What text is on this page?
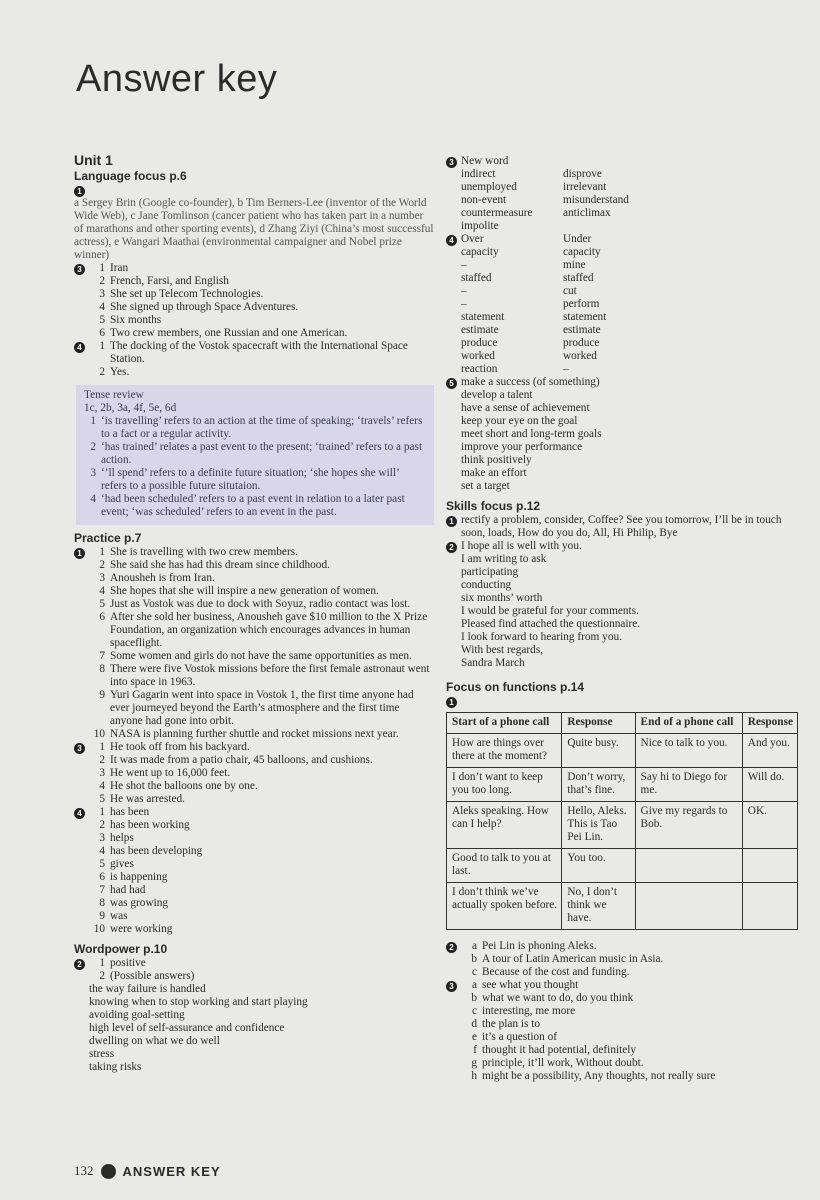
Answer key
Unit 1
Language focus p.6
1
a Sergey Brin (Google co-founder), b Tim Berners-Lee (inventor of the World Wide Web), c Jane Tomlinson (cancer patient who has taken part in a number of marathons and other sporting events), d Zhang Ziyi (China’s most successful actress), e Wangari Maathai (environmental campaigner and Nobel prize winner)
3	1 Iran
2 French, Farsi, and English
3 She set up Telecom Technologies.
4 She signed up through Space Adventures.
5 Six months
6 Two crew members, one Russian and one American.
4	1 The docking of the Vostok spacecraft with the International Space Station.
2 Yes.
Tense review
1c, 2b, 3a, 4f, 5e, 6d
1 ‘is travelling’ refers to an action at the time of speaking; ‘travels’ refers to a fact or a regular activity.
2 ‘has trained’ relates a past event to the present; ‘trained’ refers to a past action.
3 ‘’ll spend’ refers to a definite future situation; ‘she hopes she will’ refers to a possible future situtaion.
4 ‘had been scheduled’ refers to a past event in relation to a later past event; ‘was scheduled’ refers to an event in the past.
Practice p.7
1	1 She is travelling with two crew members.
2 She said she has had this dream since childhood.
3 Anousheh is from Iran.
4 She hopes that she will inspire a new generation of women.
5 Just as Vostok was due to dock with Soyuz, radio contact was lost.
6 After she sold her business, Anousheh gave $10 million to the X Prize Foundation, an organization which encourages advances in human spaceflight.
7 Some women and girls do not have the same opportunities as men.
8 There were five Vostok missions before the first female astronaut went into space in 1963.
9 Yuri Gagarin went into space in Vostok 1, the first time anyone had ever journeyed beyond the Earth’s atmosphere and the first time anyone had gone into orbit.
10 NASA is planning further shuttle and rocket missions next year.
3	1 He took off from his backyard.
2 It was made from a patio chair, 45 balloons, and cushions.
3 He went up to 16,000 feet.
4 He shot the balloons one by one.
5 He was arrested.
4	1 has been
2 has been working
3 helps
4 has been developing
5 gives
6 is happening
7 had had
8 was growing
9 was
10 were working
Wordpower p.10
2	1 positive
2 (Possible answers)
the way failure is handled
knowing when to stop working and start playing
avoiding goal-setting
high level of self-assurance and confidence
dwelling on what we do well
stress
taking risks
3 New word
indirect	disprove
unemployed	irrelevant
non-event	misunderstand
countermeasure	anticlimax
impolite
4 Over	Under
capacity	capacity
–	mine
staffed	staffed
–	cut
–	perform
statement	statement
estimate	estimate
produce	produce
worked	worked
reaction	–
5 make a success (of something)
develop a talent
have a sense of achievement
keep your eye on the goal
meet short and long-term goals
improve your performance
think positively
make an effort
set a target
Skills focus p.12
1 rectify a problem, consider, Coffee? See you tomorrow, I’ll be in touch soon, loads, How do you do, All, Hi Philip, Bye
2 I hope all is well with you.
I am writing to ask
participating
conducting
six months’ worth
I would be grateful for your comments.
Pleased find attached the questionnaire.
I look forward to hearing from you.
With best regards,
Sandra March
Focus on functions p.14
1
Start of a phone call	Response	End of a phone call	Response
How are things over there at the moment?	Quite busy.	Nice to talk to you.	And you.
I don’t want to keep you too long.	Don’t worry, that’s fine.	Say hi to Diego for me.	Will do.
Aleks speaking. How can I help?	Hello, Aleks. This is Tao Pei Lin.	Give my regards to Bob.	OK.
Good to talk to you at last.	You too.		
I don’t think we’ve actually spoken before.	No, I don’t think we have.		
2	a Pei Lin is phoning Aleks.
b A tour of Latin American music in Asia.
c Because of the cost and funding.
3	a see what you thought
b what we want to do, do you think
c interesting, me more
d the plan is to
e it’s a question of
f thought it had potential, definitely
g principle, it’ll work, Without doubt.
h might be a possibility, Any thoughts, not really sure
132 ANSWER KEY
